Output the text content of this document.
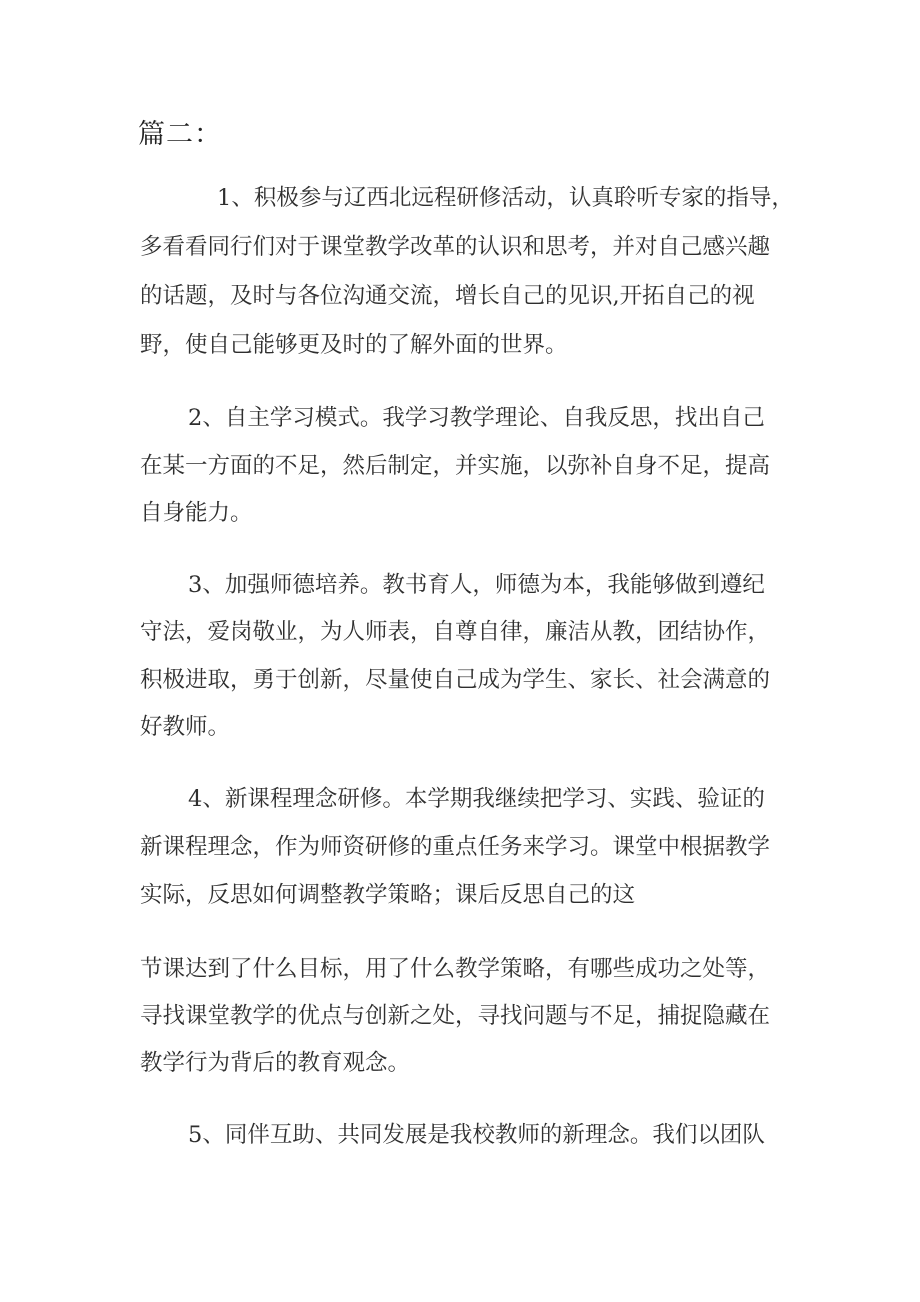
篇二：
1、积极参与辽西北远程研修活动，认真聆听专家的指导，
多看看同行们对于课堂教学改革的认识和思考，并对自己感兴趣
的话题，及时与各位沟通交流，增长自己的见识,开拓自己的视
野，使自己能够更及时的了解外面的世界。
2、自主学习模式。我学习教学理论、自我反思，找出自己
在某一方面的不足，然后制定，并实施，以弥补自身不足，提高
自身能力。
3、加强师德培养。教书育人，师德为本，我能够做到遵纪
守法，爱岗敬业，为人师表，自尊自律，廉洁从教，团结协作，
积极进取，勇于创新，尽量使自己成为学生、家长、社会满意的
好教师。
4、新课程理念研修。本学期我继续把学习、实践、验证的
新课程理念，作为师资研修的重点任务来学习。课堂中根据教学
实际，反思如何调整教学策略；课后反思自己的这
节课达到了什么目标，用了什么教学策略，有哪些成功之处等，
寻找课堂教学的优点与创新之处，寻找问题与不足，捕捉隐藏在
教学行为背后的教育观念。
5、同伴互助、共同发展是我校教师的新理念。我们以团队
